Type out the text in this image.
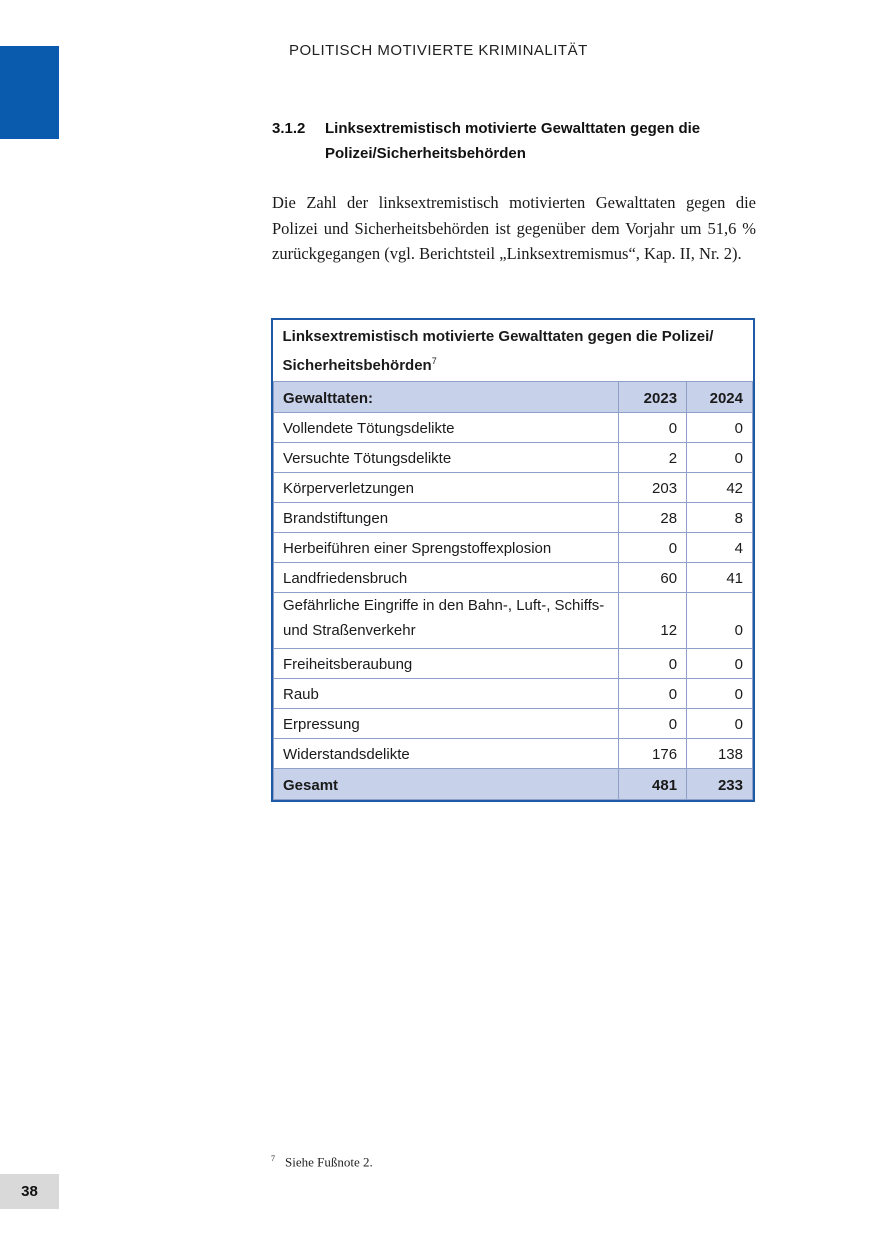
POLITISCH MOTIVIERTE KRIMINALITÄT
3.1.2 Linksextremistisch motivierte Gewalttaten gegen die Polizei/Sicherheitsbehörden
Die Zahl der linksextremistisch motivierten Gewalttaten gegen die Polizei und Sicherheitsbehörden ist gegenüber dem Vorjahr um 51,6 % zurückgegangen (vgl. Berichtsteil „Linksextremismus“, Kap. II, Nr. 2).
Linksextremistisch motivierte Gewalttaten gegen die Polizei/ Sicherheitsbehörden$^7$
Gewalttaten:	2023	2024
Vollendete Tötungsdelikte	0	0
Versuchte Tötungsdelikte	2	0
Körperverletzungen	203	42
Brandstiftungen	28	8
Herbeiführen einer Sprengstoffexplosion	0	4
Landfriedensbruch	60	41
Gefährliche Eingriffe in den Bahn-, Luft-, Schiffs- und Straßenverkehr	12	0
Freiheitsberaubung	0	0
Raub	0	0
Erpressung	0	0
Widerstandsdelikte	176	138
Gesamt	481	233
$^7$ Siehe Fußnote 2.
38
